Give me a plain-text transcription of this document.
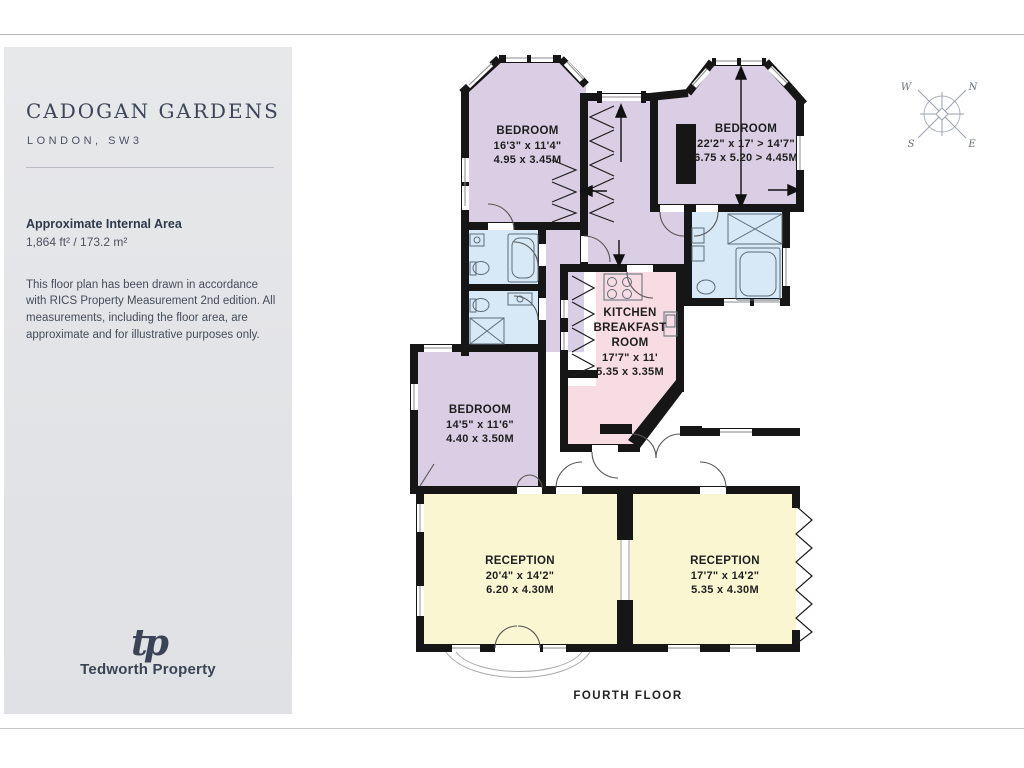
CADOGAN GARDENS
LONDON, SW3
Approximate Internal Area
1,864 ft² / 173.2 m²

This floor plan has been drawn in accordance with RICS Property Measurement 2nd edition. All measurements, including the floor area, are approximate and for illustrative purposes only.

tp
Tedworth Property
N
E
S
W
BEDROOM
16'3" x 11'4"
4.95 x 3.45M
BEDROOM
22'2" x 17' > 14'7"
6.75 x 5.20 > 4.45M
BEDROOM
14'5" x 11'6"
4.40 x 3.50M
KITCHEN BREAKFAST ROOM
17'7" x 11'
5.35 x 3.35M
RECEPTION
20'4" x 14'2"
6.20 x 4.30M
RECEPTION
17'7" x 14'2"
5.35 x 4.30M
FOURTH FLOOR
